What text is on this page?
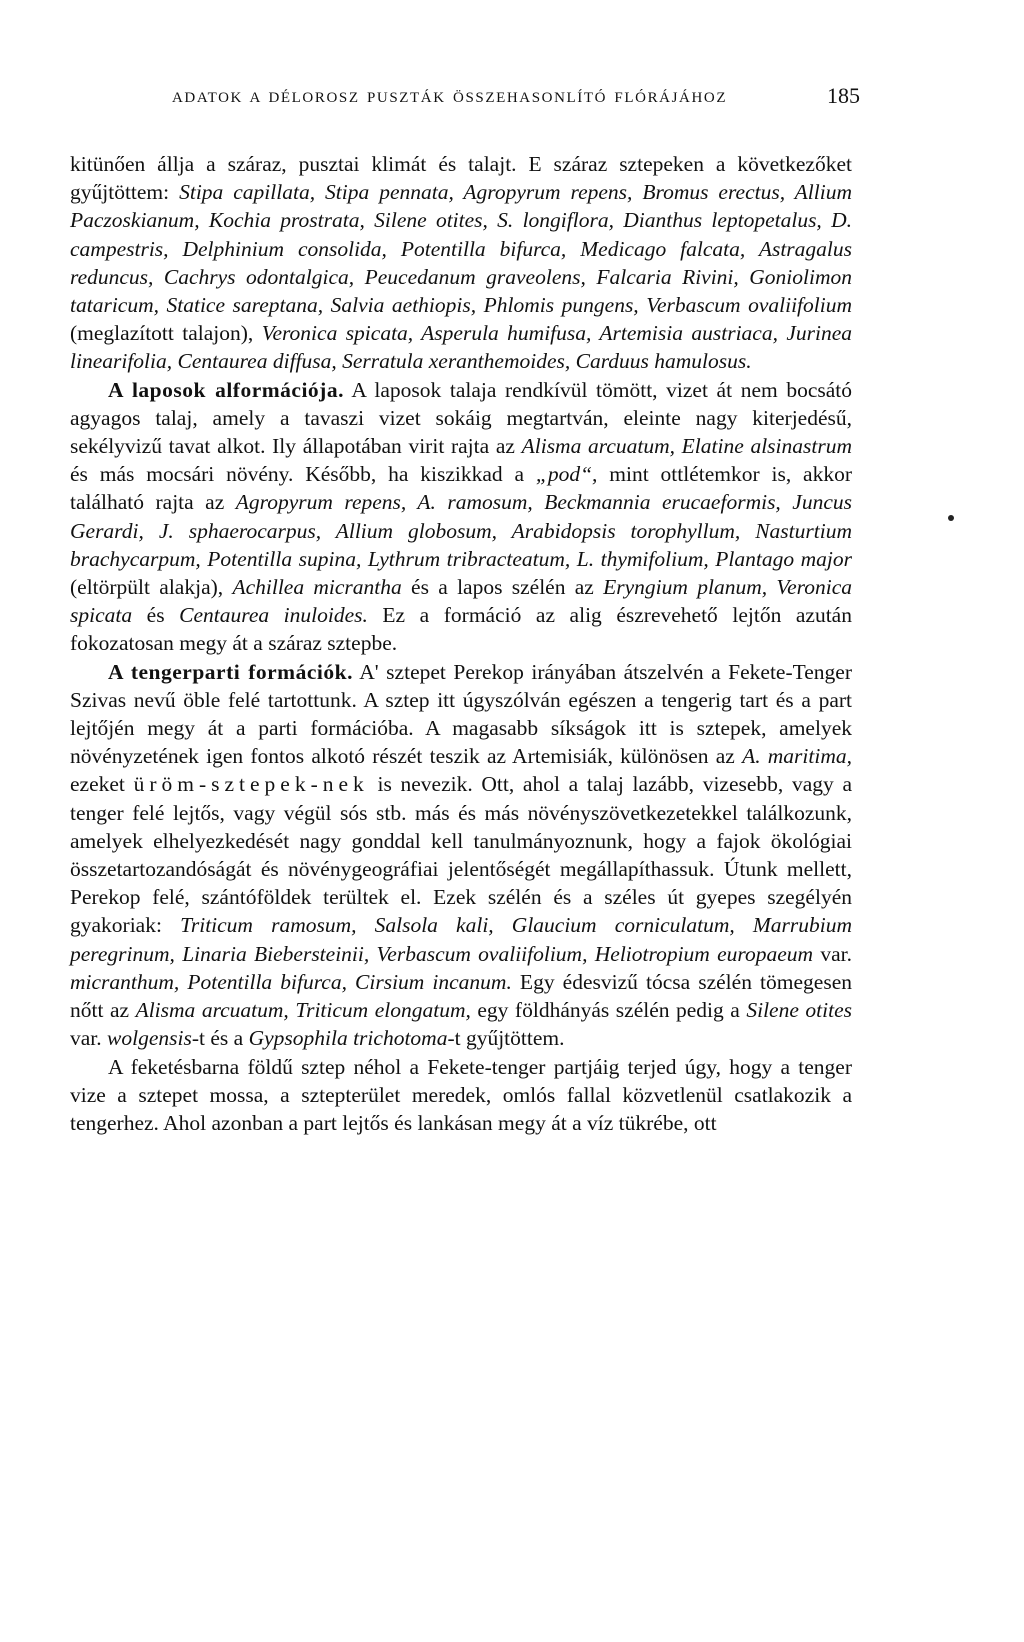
ADATOK A DÉLOROSZ PUSZTÁK ÖSSZEHASONLÍTÓ FLÓRÁJÁHOZ	185

kitünően állja a száraz, pusztai klimát és talajt. E száraz sztepeken a következőket gyűjtöttem: Stipa capillata, Stipa pennata, Agropyrum repens, Bromus erectus, Allium Paczoskianum, Kochia prostrata, Silene otites, S. longiflora, Dianthus leptopetalus, D. campestris, Delphinium consolida, Potentilla bifurca, Medicago falcata, Astragalus reduncus, Cachrys odontalgica, Peucedanum graveolens, Falcaria Rivini, Goniolimon tataricum, Statice sareptana, Salvia aethiopis, Phlomis pungens, Verbascum ovaliifolium (meglazított talajon), Veronica spicata, Asperula humifusa, Artemisia austriaca, Jurinea linearifolia, Centaurea diffusa, Serratula xeranthemoides, Carduus hamulosus.

A laposok alformációja. A laposok talaja rendkívül tömött, vizet át nem bocsátó agyagos talaj, amely a tavaszi vizet sokáig megtartván, eleinte nagy kiterjedésű, sekélyvizű tavat alkot. Ily állapotában virit rajta az Alisma arcuatum, Elatine alsinastrum és más mocsári növény. Később, ha kiszikkad a „pod“, mint ottlétemkor is, akkor található rajta az Agropyrum repens, A. ramosum, Beckmannia erucaeformis, Juncus Gerardi, J. sphaerocarpus, Allium globosum, Arabidopsis torophyllum, Nasturtium brachycarpum, Potentilla supina, Lythrum tribracteatum, L. thymifolium, Plantago major (eltörpült alakja), Achillea micrantha és a lapos szélén az Eryngium planum, Veronica spicata és Centaurea inuloides. Ez a formáció az alig észrevehető lejtőn azután fokozatosan megy át a száraz sztepbe.

A tengerparti formációk. A' sztepet Perekop irányában átszelvén a Fekete-Tenger Szivas nevű öble felé tartottunk. A sztep itt úgyszólván egészen a tengerig tart és a part lejtőjén megy át a parti formációba. A magasabb síkságok itt is sztepek, amelyek növényzetének igen fontos alkotó részét teszik az Artemisiák, különösen az A. maritima, ezeket üröm-sztepek-nek is nevezik. Ott, ahol a talaj lazább, vizesebb, vagy a tenger felé lejtős, vagy végül sós stb. más és más növényszövetkezetekkel találkozunk, amelyek elhelyezkedését nagy gonddal kell tanulmányoznunk, hogy a fajok ökológiai összetartozandóságát és növénygeográfiai jelentőségét megállapíthassuk. Útunk mellett, Perekop felé, szántóföldek terültek el. Ezek szélén és a széles út gyepes szegélyén gyakoriak: Triticum ramosum, Salsola kali, Glaucium corniculatum, Marrubium peregrinum, Linaria Biebersteinii, Verbascum ovaliifolium, Heliotropium europaeum var. micranthum, Potentilla bifurca, Cirsium incanum. Egy édesvizű tócsa szélén tömegesen nőtt az Alisma arcuatum, Triticum elongatum, egy földhányás szélén pedig a Silene otites var. wolgensis-t és a Gypsophila trichotoma-t gyűjtöttem.

A feketésbarna földű sztep néhol a Fekete-tenger partjáig terjed úgy, hogy a tenger vize a sztepet mossa, a sztepterület meredek, omlós fallal közvetlenül csatlakozik a tengerhez. Ahol azonban a part lejtős és lankásan megy át a víz tükrébe, ott
